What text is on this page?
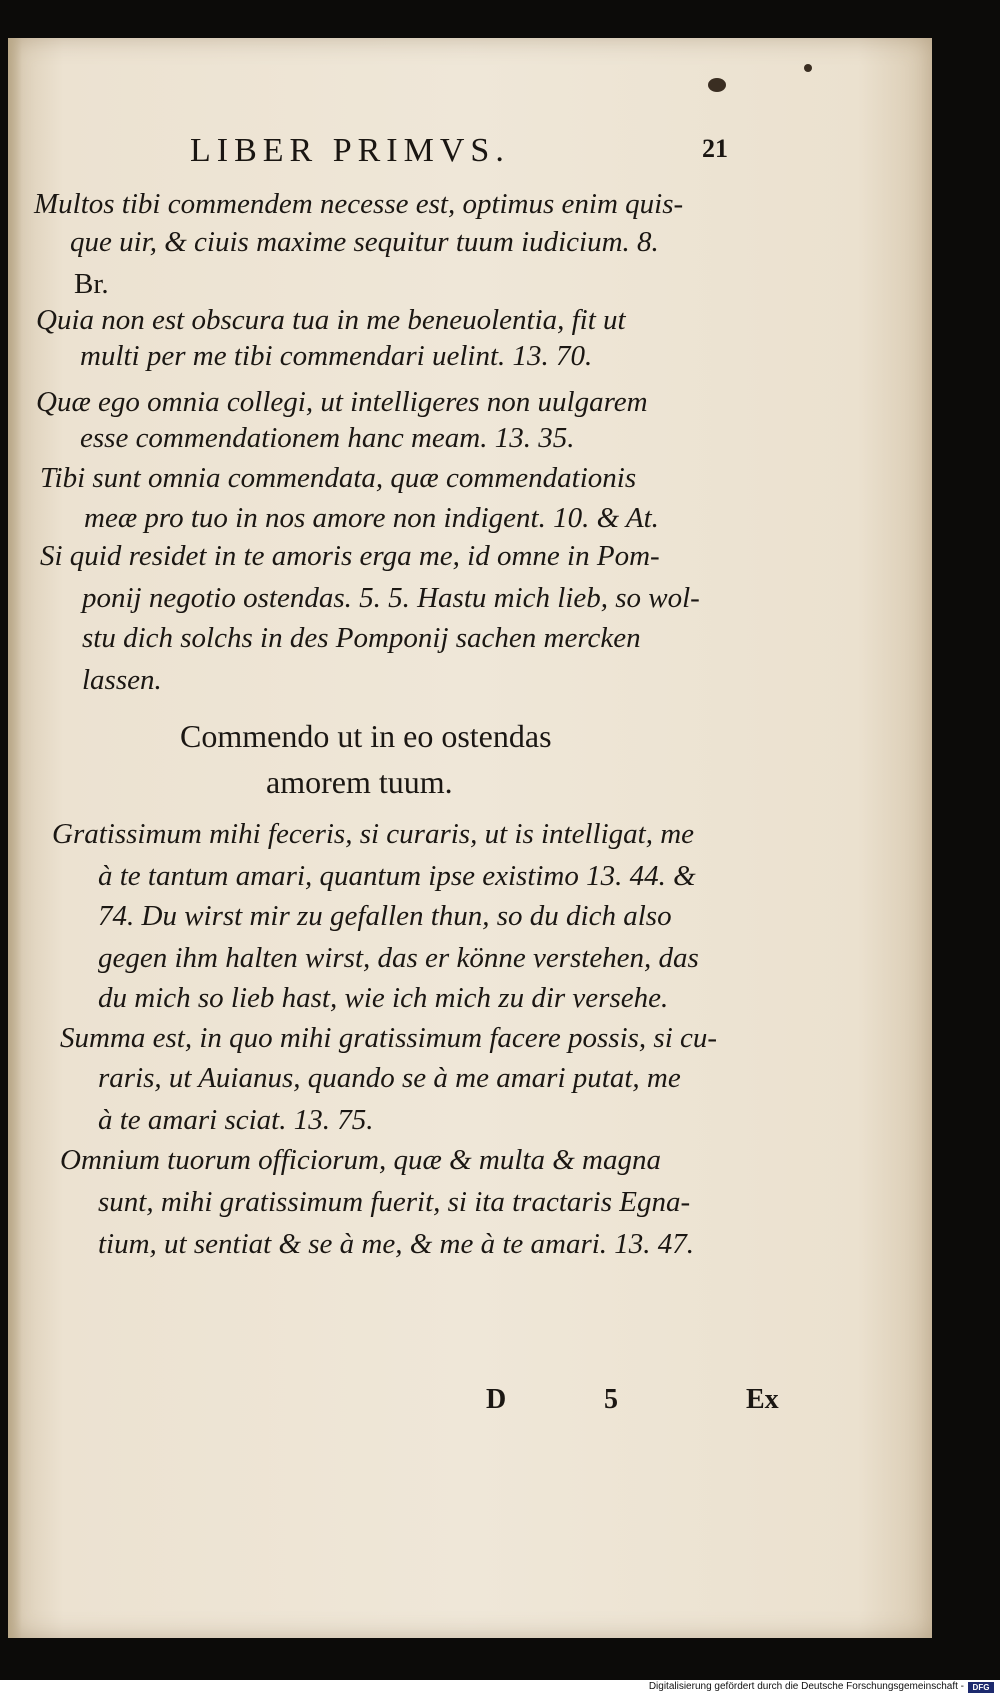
LIBER PRIMVS.	21
Multos tibi commendem necesse est, optimus enim quis-
que uir, & ciuis maxime sequitur tuum iudicium. 8.
Br.
Quia non est obscura tua in me beneuolentia, fit ut
multi per me tibi commendari uelint. 13. 70.
Quæ ego omnia collegi, ut intelligeres non uulgarem
esse commendationem hanc meam. 13. 35.
Tibi sunt omnia commendata, quæ commendationis
meæ pro tuo in nos amore non indigent. 10. & At.
Si quid residet in te amoris erga me, id omne in Pom-
ponij negotio ostendas. 5. 5. Hastu mich lieb, so wol-
stu dich solchs in des Pomponij sachen mercken
lassen.
Commendo ut in eo ostendas
amorem tuum.
Gratissimum mihi feceris, si curaris, ut is intelligat, me
à te tantum amari, quantum ipse existimo 13. 44. &
74. Du wirst mir zu gefallen thun, so du dich also
gegen ihm halten wirst, das er könne verstehen, das
du mich so lieb hast, wie ich mich zu dir versehe.
Summa est, in quo mihi gratissimum facere possis, si cu-
raris, ut Auianus, quando se à me amari putat, me
à te amari sciat. 13. 75.
Omnium tuorum officiorum, quæ & multa & magna
sunt, mihi gratissimum fuerit, si ita tractaris Egna-
tium, ut sentiat & se à me, & me à te amari. 13. 47.
D	5	Ex
Digitalisierung gefördert durch die Deutsche Forschungsgemeinschaft -	DFG
